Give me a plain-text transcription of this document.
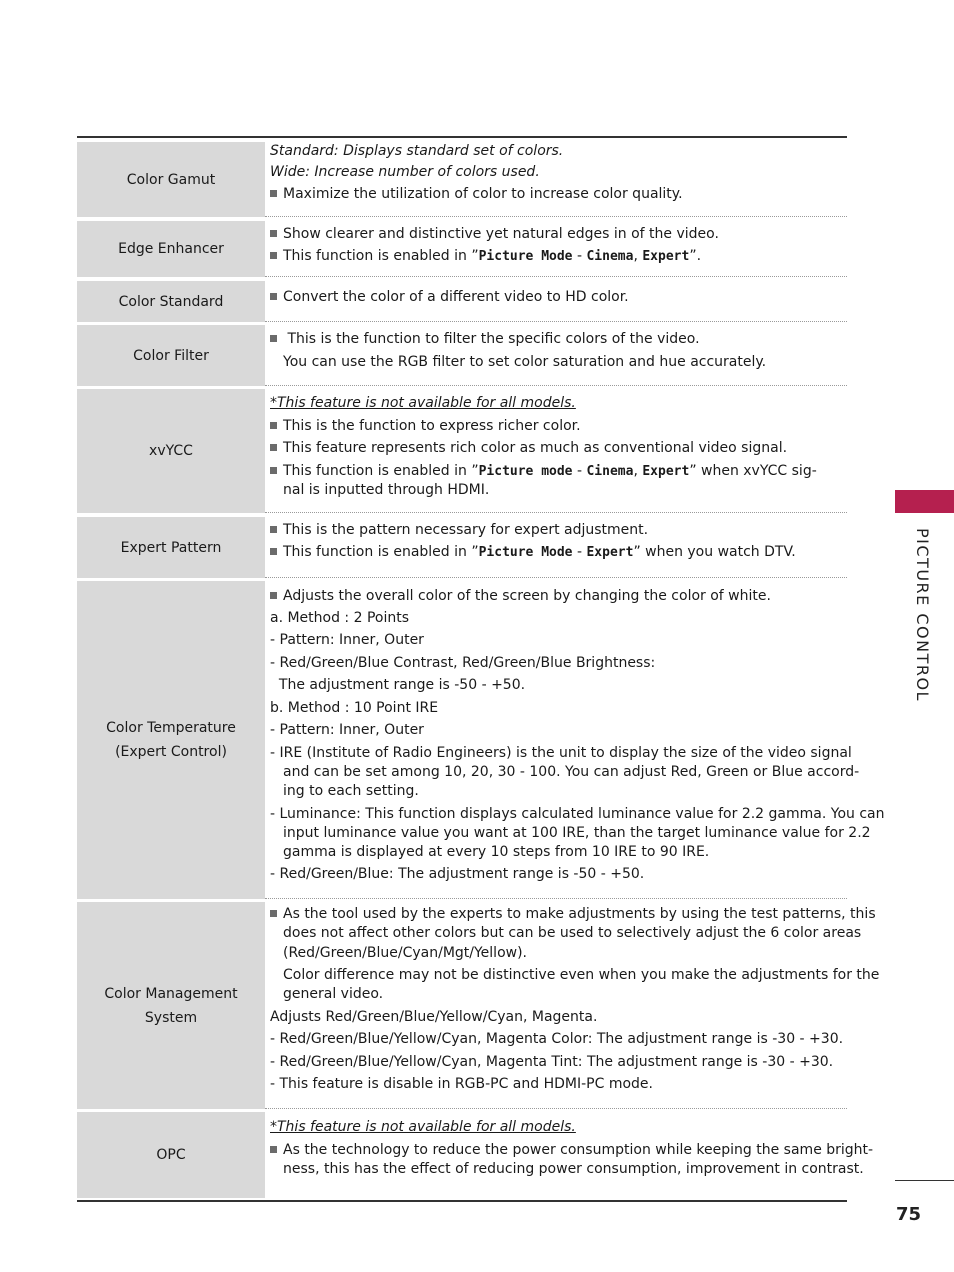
Color Gamut
Standard: Displays standard set of colors.
Wide: Increase number of colors used.
Maximize the utilization of color to increase color quality.
Edge Enhancer
Show clearer and distinctive yet natural edges in of the video.
This function is enabled in ”Picture Mode - Cinema, Expert”.
Color Standard	Convert the color of a different video to HD color.
Color Filter
This is the function to filter the specific colors of the video.
You can use the RGB filter to set color saturation and hue accurately.
xvYCC
*This feature is not available for all models.
This is the function to express richer color.
This feature represents rich color as much as conventional video signal.
This function is enabled in ”Picture mode - Cinema, Expert” when xvYCC sig-
nal is inputted through HDMI.
Expert Pattern
This is the pattern necessary for expert adjustment.
This function is enabled in ”Picture Mode - Expert” when you watch DTV.
Color Temperature
(Expert Control)
Adjusts the overall color of the screen by changing the color of white.
a. Method : 2 Points
- Pattern: Inner, Outer
- Red/Green/Blue Contrast, Red/Green/Blue Brightness:
The adjustment range is -50 - +50.
b. Method : 10 Point IRE
- Pattern: Inner, Outer
- IRE (Institute of Radio Engineers) is the unit to display the size of the video signal
and can be set among 10, 20, 30 - 100. You can adjust Red, Green or Blue accord-
ing to each setting.
- Luminance: This function displays calculated luminance value for 2.2 gamma. You can
input luminance value you want at 100 IRE, than the target luminance value for 2.2
gamma is displayed at every 10 steps from 10 IRE to 90 IRE.
- Red/Green/Blue: The adjustment range is -50 - +50.
Color Management System
As the tool used by the experts to make adjustments by using the test patterns, this
does not affect other colors but can be used to selectively adjust the 6 color areas
(Red/Green/Blue/Cyan/Mgt/Yellow).
Color difference may not be distinctive even when you make the adjustments for the
general video.
Adjusts Red/Green/Blue/Yellow/Cyan, Magenta.
- Red/Green/Blue/Yellow/Cyan, Magenta Color: The adjustment range is -30 - +30.
- Red/Green/Blue/Yellow/Cyan, Magenta Tint: The adjustment range is -30 - +30.
- This feature is disable in RGB-PC and HDMI-PC mode.
OPC
*This feature is not available for all models.
As the technology to reduce the power consumption while keeping the same bright-
ness, this has the effect of reducing power consumption, improvement in contrast.
PICTURE CONTROL
75
